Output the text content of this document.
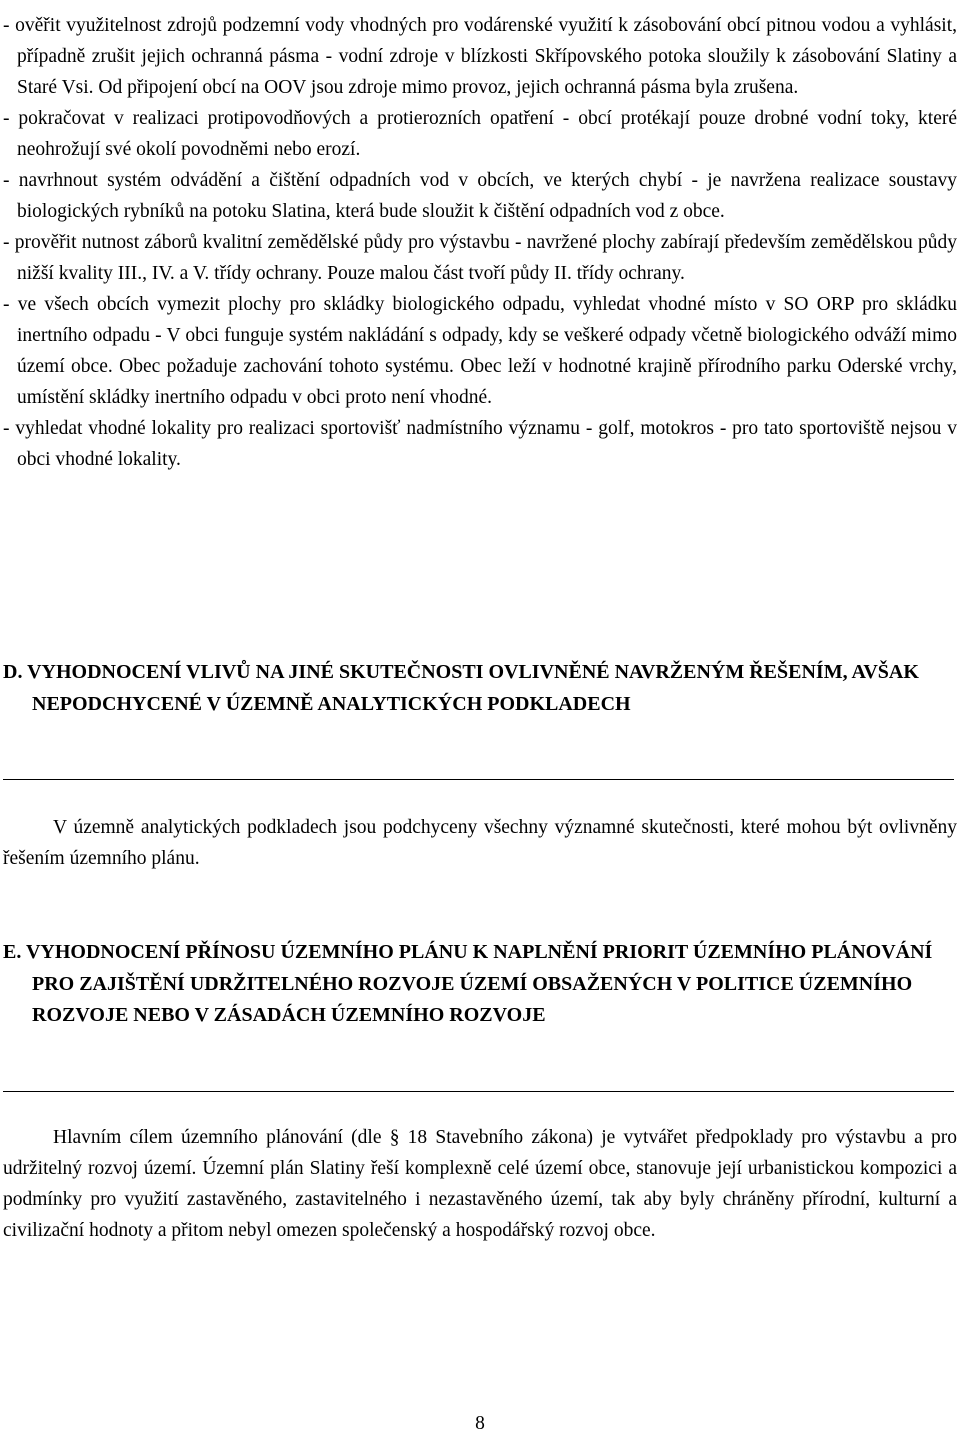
- ověřit využitelnost zdrojů podzemní vody vhodných pro vodárenské využití k zásobování obcí pitnou vodou a vyhlásit, případně zrušit jejich ochranná pásma - vodní zdroje v blízkosti Skřípovského potoka sloužily k zásobování Slatiny a Staré Vsi. Od připojení obcí na OOV jsou zdroje mimo provoz, jejich ochranná pásma byla zrušena.

- pokračovat v realizaci protipovodňových a protierozních opatření - obcí protékají pouze drobné vodní toky, které neohrožují své okolí povodněmi nebo erozí.

- navrhnout systém odvádění a čištění odpadních vod v obcích, ve kterých chybí - je navržena realizace soustavy biologických rybníků na potoku Slatina, která bude sloužit k čištění odpadních vod z obce.

- prověřit nutnost záborů kvalitní zemědělské půdy pro výstavbu - navržené plochy zabírají především zemědělskou půdy nižší kvality III., IV. a V. třídy ochrany. Pouze malou část tvoří půdy II. třídy ochrany.

- ve všech obcích vymezit plochy pro skládky biologického odpadu, vyhledat vhodné místo v SO ORP pro skládku inertního odpadu - V obci funguje systém nakládání s odpady, kdy se veškeré odpady včetně biologického odváží mimo území obce. Obec požaduje zachování tohoto systému. Obec leží v hodnotné krajině přírodního parku Oderské vrchy, umístění skládky inertního odpadu v obci proto není vhodné.

- vyhledat vhodné lokality pro realizaci sportovišť nadmístního významu - golf, motokros - pro tato sportoviště nejsou v obci vhodné lokality.

D. VYHODNOCENÍ VLIVŮ NA JINÉ SKUTEČNOSTI OVLIVNĚNÉ NAVRŽENÝM ŘEŠENÍM, AVŠAK NEPODCHYCENÉ V ÚZEMNĚ ANALYTICKÝCH PODKLADECH

V územně analytických podkladech jsou podchyceny všechny významné skutečnosti, které mohou být ovlivněny řešením územního plánu.

E. VYHODNOCENÍ PŘÍNOSU ÚZEMNÍHO PLÁNU K NAPLNĚNÍ PRIORIT ÚZEMNÍHO PLÁNOVÁNÍ PRO ZAJIŠTĚNÍ UDRŽITELNÉHO ROZVOJE ÚZEMÍ OBSAŽENÝCH V POLITICE ÚZEMNÍHO ROZVOJE NEBO V ZÁSADÁCH ÚZEMNÍHO ROZVOJE

Hlavním cílem územního plánování (dle § 18 Stavebního zákona) je vytvářet předpoklady pro výstavbu a pro udržitelný rozvoj území. Územní plán Slatiny řeší komplexně celé území obce, stanovuje její urbanistickou kompozici a podmínky pro využití zastavěného, zastavitelného i nezastavěného území, tak aby byly chráněny přírodní, kulturní a civilizační hodnoty a přitom nebyl omezen společenský a hospodářský rozvoj obce.

8
